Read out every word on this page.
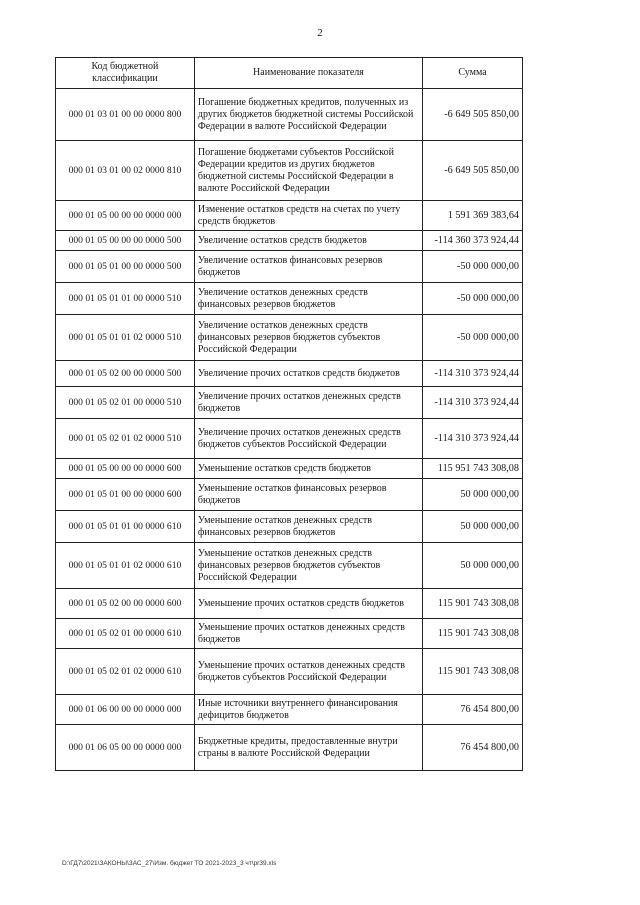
2
Код бюджетной классификации	Наименование показателя	Сумма
000 01 03 01 00 00 0000 800	Погашение бюджетных кредитов, полученных из других бюджетов бюджетной системы Российской Федерации в валюте Российской Федерации	-6 649 505 850,00
000 01 03 01 00 02 0000 810	Погашение бюджетами субъектов Российской Федерации кредитов из других бюджетов бюджетной системы Российской Федерации в валюте Российской Федерации	-6 649 505 850,00
000 01 05 00 00 00 0000 000	Изменение остатков средств на счетах по учету средств бюджетов	1 591 369 383,64
000 01 05 00 00 00 0000 500	Увеличение остатков средств бюджетов	-114 360 373 924,44
000 01 05 01 00 00 0000 500	Увеличение остатков финансовых резервов бюджетов	-50 000 000,00
000 01 05 01 01 00 0000 510	Увеличение остатков денежных средств финансовых резервов бюджетов	-50 000 000,00
000 01 05 01 01 02 0000 510	Увеличение остатков денежных средств финансовых резервов бюджетов субъектов Российской Федерации	-50 000 000,00
000 01 05 02 00 00 0000 500	Увеличение прочих остатков средств бюджетов	-114 310 373 924,44
000 01 05 02 01 00 0000 510	Увеличение прочих остатков денежных средств бюджетов	-114 310 373 924,44
000 01 05 02 01 02 0000 510	Увеличение прочих остатков денежных средств бюджетов субъектов Российской Федерации	-114 310 373 924,44
000 01 05 00 00 00 0000 600	Уменьшение остатков средств бюджетов	115 951 743 308,08
000 01 05 01 00 00 0000 600	Уменьшение остатков финансовых резервов бюджетов	50 000 000,00
000 01 05 01 01 00 0000 610	Уменьшение остатков денежных средств финансовых резервов бюджетов	50 000 000,00
000 01 05 01 01 02 0000 610	Уменьшение остатков денежных средств финансовых резервов бюджетов субъектов Российской Федерации	50 000 000,00
000 01 05 02 00 00 0000 600	Уменьшение прочих остатков средств бюджетов	115 901 743 308,08
000 01 05 02 01 00 0000 610	Уменьшение прочих остатков денежных средств бюджетов	115 901 743 308,08
000 01 05 02 01 02 0000 610	Уменьшение прочих остатков денежных средств бюджетов субъектов Российской Федерации	115 901 743 308,08
000 01 06 00 00 00 0000 000	Иные источники внутреннего финансирования дефицитов бюджетов	76 454 800,00
000 01 06 05 00 00 0000 000	Бюджетные кредиты, предоставленные внутри страны в валюте Российской Федерации	76 454 800,00
D:\ГД7\2021\ЗАКОНЫ\ЗАС_27\Изм. бюджет ТО 2021-2023_3 чт\pr39.xls
